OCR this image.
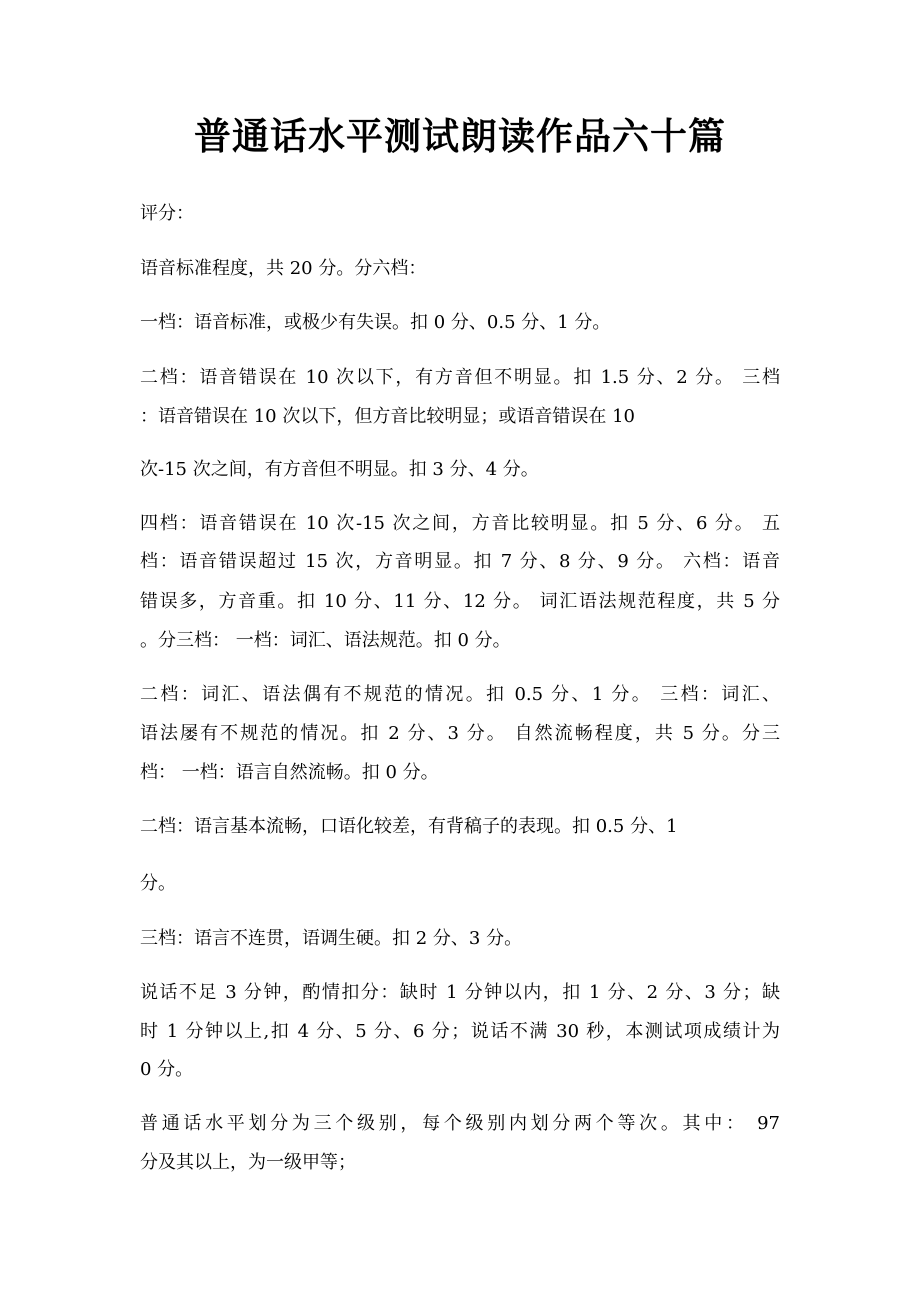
普通话水平测试朗读作品六十篇

评分：

语音标准程度，共 20 分。分六档：

一档：语音标准，或极少有失误。扣 0 分、0.5 分、1 分。

二档：语音错误在 10 次以下，有方音但不明显。扣 1.5 分、2 分。 三档

：语音错误在 10 次以下，但方音比较明显；或语音错误在 10

次-15 次之间，有方音但不明显。扣 3 分、4 分。

四档：语音错误在 10 次-15 次之间，方音比较明显。扣 5 分、6 分。 五

档：语音错误超过 15 次，方音明显。扣 7 分、8 分、9 分。 六档：语音

错误多，方音重。扣 10 分、11 分、12 分。 词汇语法规范程度，共 5 分

。分三档： 一档：词汇、语法规范。扣 0 分。

二档：词汇、语法偶有不规范的情况。扣 0.5 分、1 分。 三档：词汇、

语法屡有不规范的情况。扣 2 分、3 分。 自然流畅程度，共 5 分。分三

档： 一档：语言自然流畅。扣 0 分。

二档：语言基本流畅，口语化较差，有背稿子的表现。扣 0.5 分、1

分。

三档：语言不连贯，语调生硬。扣 2 分、3 分。

说话不足 3 分钟，酌情扣分：缺时 1 分钟以内，扣 1 分、2 分、3 分；缺

时 1 分钟以上,扣 4 分、5 分、6 分；说话不满 30 秒，本测试项成绩计为

0 分。

普通话水平划分为三个级别，每个级别内划分两个等次。其中： 97

分及其以上，为一级甲等；
